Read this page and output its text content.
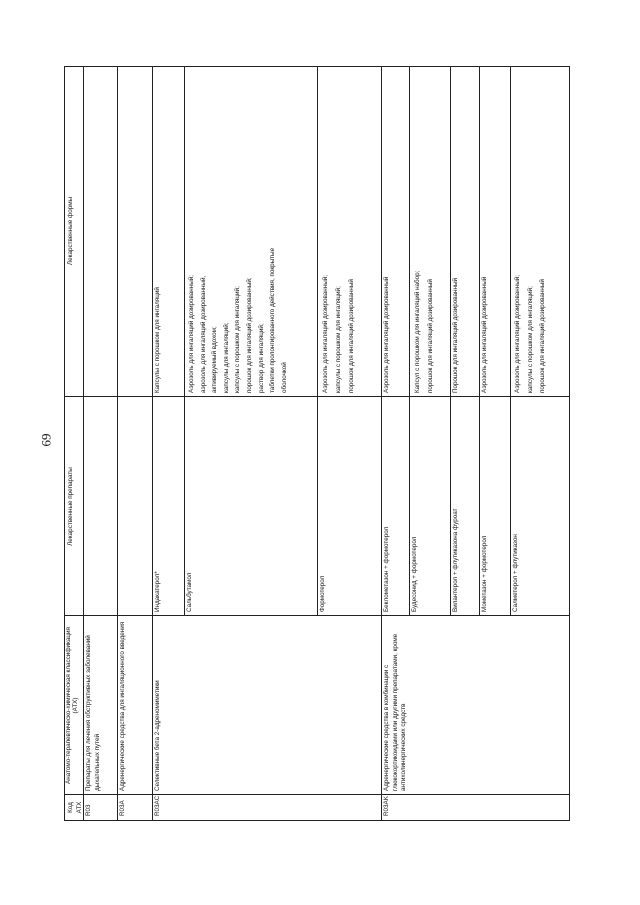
69
Код АТХ
Анатомо-терапевтическо-химическая классификация (АТХ)
Лекарственные препараты
Лекарственные формы
R03
Препараты для лечения обструктивных заболеваний дыхательных путей
R03A
Адренергические средства для ингаляционного введения
R03AC
Селективные бета 2-адреномиметики
Индакатерол*
Капсулы с порошком для ингаляций
Сальбутамол
Аэрозоль для ингаляций дозированный; аэрозоль для ингаляций дозированный, активируемый вдохом; капсулы для ингаляций; капсулы с порошком для ингаляций; порошок для ингаляций дозированный; раствор для ингаляций; таблетки пролонгированного действия, покрытые оболочкой
Формотерол
Аэрозоль для ингаляций дозированный; капсулы с порошком для ингаляций; порошок для ингаляций дозированный
R03AK
Адренергические средства в комбинации с глюкокортикоидами или другими препаратами, кроме антихолинергических средств
Беклометазон + формотерол
Аэрозоль для ингаляций дозированный
Будесонид + формотерол
Капсул с порошком для ингаляций набор; порошок для ингаляций дозированный
Вилантерол + флутиказона фуроат
Порошок для ингаляций дозированный
Мометазон + формотерол
Аэрозоль для ингаляций дозированный
Салметерол + флутиказон
Аэрозоль для ингаляций дозированный; капсулы с порошком для ингаляций; порошок для ингаляций дозированный
